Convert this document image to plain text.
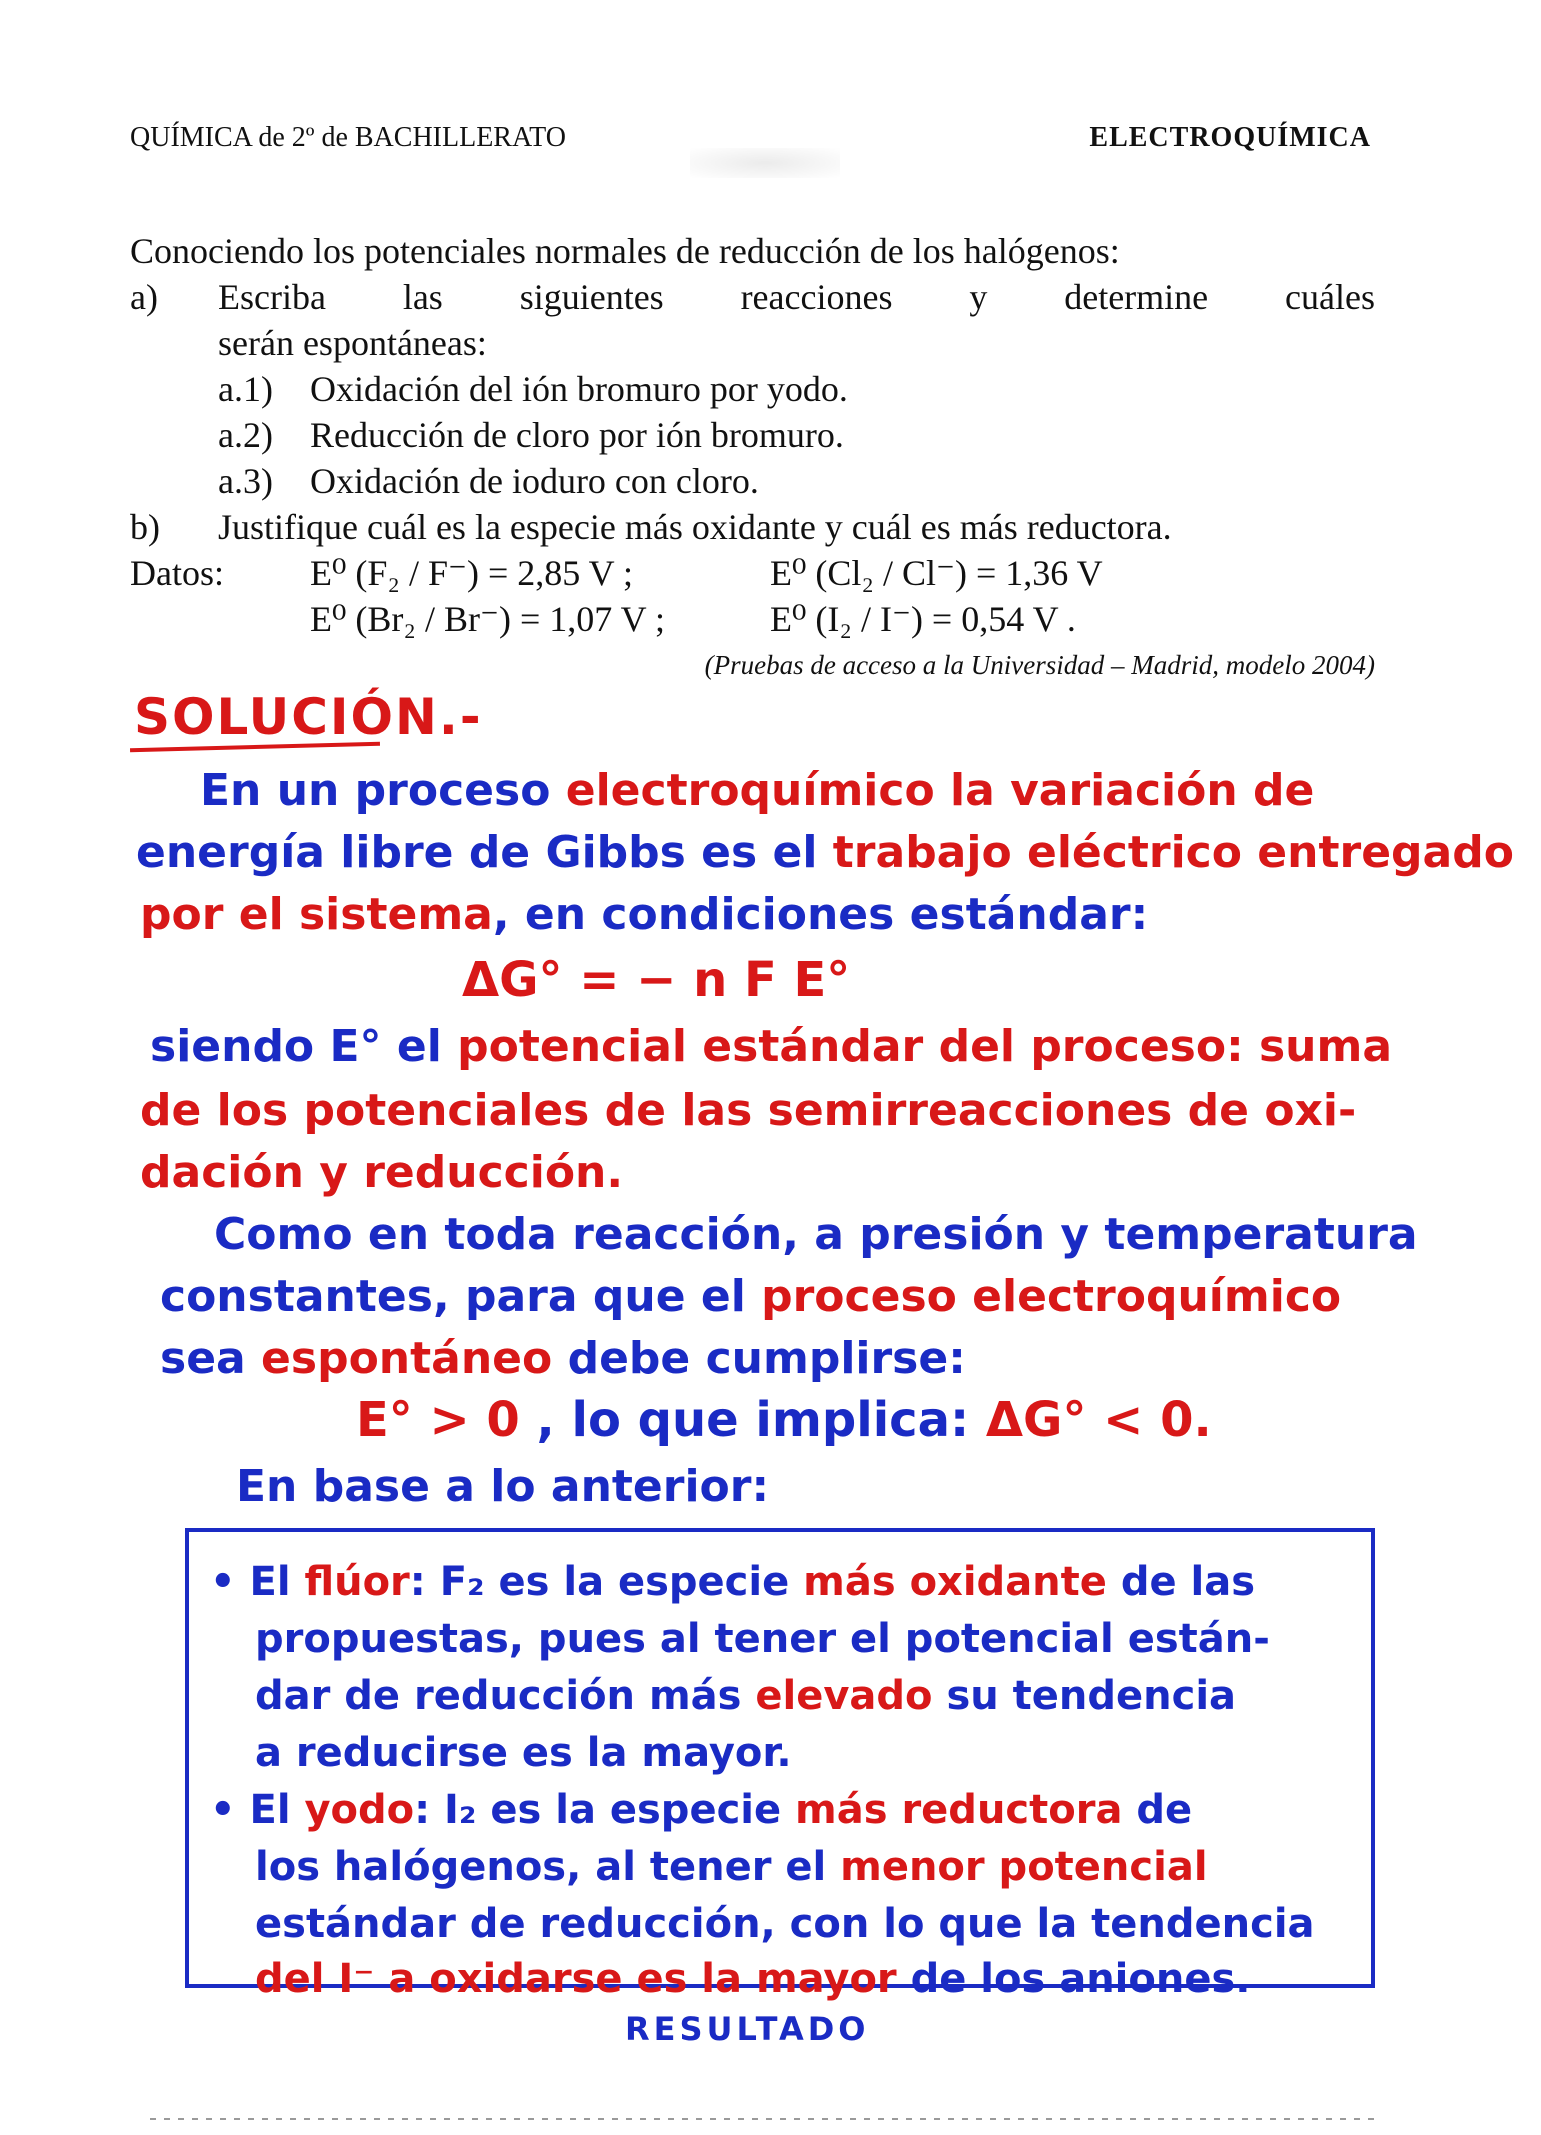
QUÍMICA de 2º de BACHILLERATO	ELECTROQUÍMICA
Conociendo los potenciales normales de reducción de los halógenos:
a) Escriba las siguientes reacciones y determine cuáles
serán espontáneas:
a.1) Oxidación del ión bromuro por yodo.
a.2) Reducción de cloro por ión bromuro.
a.3) Oxidación de ioduro con cloro.
b) Justifique cuál es la especie más oxidante y cuál es más reductora.
Datos: E⁰ (F₂ / F⁻) = 2,85 V ;	E⁰ (Cl₂ / Cl⁻) = 1,36 V
E⁰ (Br₂ / Br⁻) = 1,07 V ;	E⁰ (I₂ / I⁻) = 0,54 V .
(Pruebas de acceso a la Universidad – Madrid, modelo 2004)
SOLUCIÓN.-
En un proceso electroquímico la variación de
energía libre de Gibbs es el trabajo eléctrico entregado
por el sistema, en condiciones estándar:
ΔG° = − n F E°
siendo E° el potencial estándar del proceso: suma
de los potenciales de las semirreacciones de oxi-
dación y reducción.
Como en toda reacción, a presión y temperatura
constantes, para que el proceso electroquímico
sea espontáneo debe cumplirse:
E° > 0 , lo que implica: ΔG° < 0.
En base a lo anterior:
• El flúor: F₂ es la especie más oxidante de las
propuestas, pues al tener el potencial están-
dar de reducción más elevado su tendencia
a reducirse es la mayor.
• El yodo: I₂ es la especie más reductora de
los halógenos, al tener el menor potencial
estándar de reducción, con lo que la tendencia
del I⁻ a oxidarse es la mayor de los aniones.
RESULTADO
